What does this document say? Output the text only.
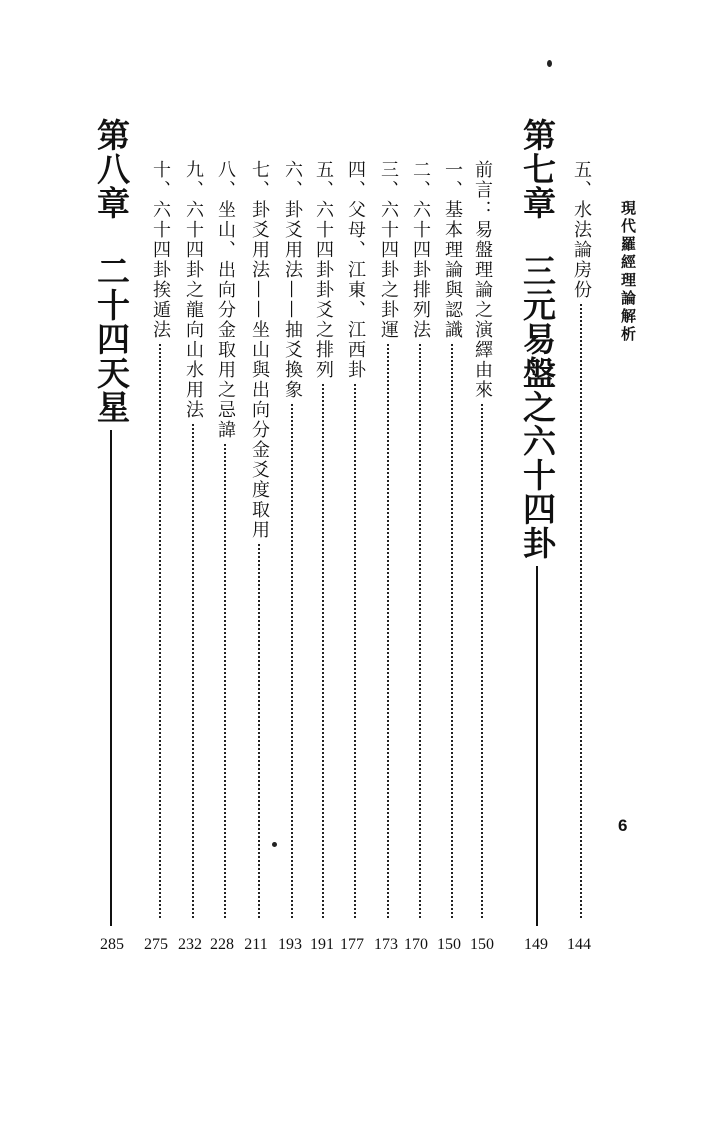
現代羅經理論解析
6
五、水法論房份
144
第七章　三元易盤之六十四卦
149
前言：易盤理論之演繹由來
150
一、基本理論與認識
150
二、六十四卦排列法
170
三、六十四卦之卦運
173
四、父母、江東、江西卦
177
五、六十四卦卦爻之排列
191
六、卦爻用法——抽爻換象
193
七、卦爻用法——坐山與出向分金爻度取用
211
八、坐山、出向分金取用之忌諱
228
九、六十四卦之龍向山水用法
232
十、六十四卦挨遁法
275
第八章　二十四天星
285
